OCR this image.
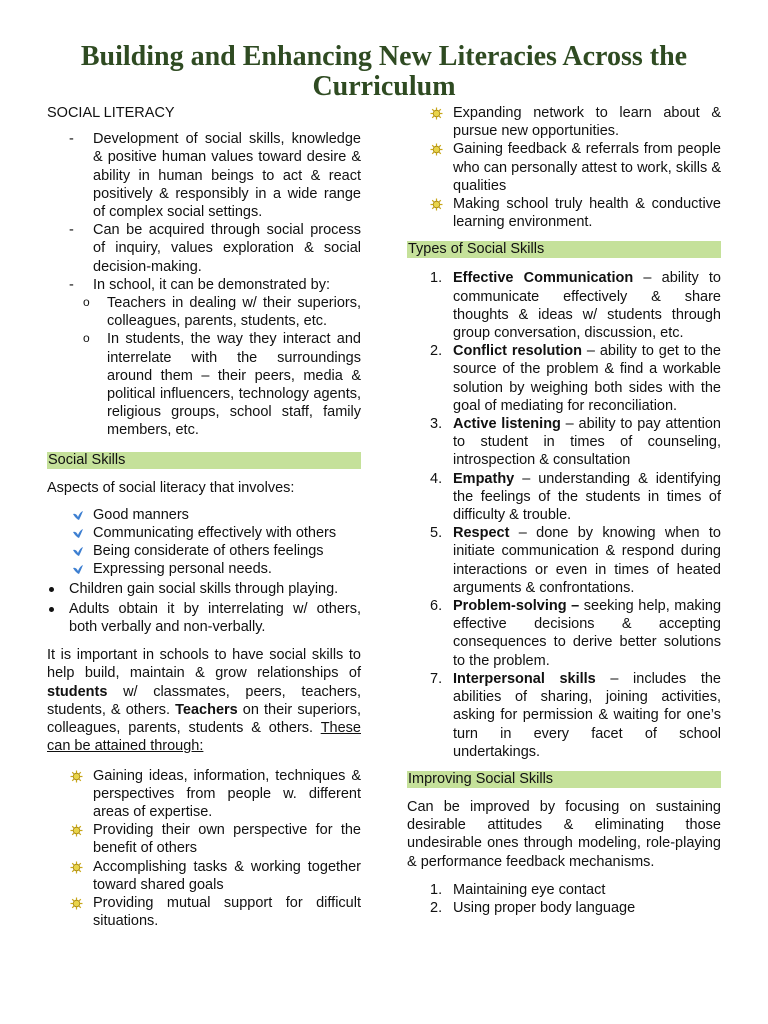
Building and Enhancing New Literacies Across the Curriculum

SOCIAL LITERACY

- Development of social skills, knowledge & positive human values toward desire & ability in human beings to act & react positively & responsibly in a wide range of complex social settings.
- Can be acquired through social process of inquiry, values exploration & social decision-making.
- In school, it can be demonstrated by:
o Teachers in dealing w/ their superiors, colleagues, parents, students, etc.
o In students, the way they interact and interrelate with the surroundings around them – their peers, media & political influencers, technology agents, religious groups, school staff, family members, etc.
Social Skills

Aspects of social literacy that involves:

Good manners
Communicating effectively with others
Being considerate of others feelings
Expressing personal needs.
Children gain social skills through playing.
Adults obtain it by interrelating w/ others, both verbally and non-verbally.

It is important in schools to have social skills to help build, maintain & grow relationships of students w/ classmates, peers, teachers, students, & others. Teachers on their superiors, colleagues, parents, students & others. These can be attained through:

Gaining ideas, information, techniques & perspectives from people w. different areas of expertise.
Providing their own perspective for the benefit of others
Accomplishing tasks & working together toward shared goals
Providing mutual support for difficult situations.
Expanding network to learn about & pursue new opportunities.
Gaining feedback & referrals from people who can personally attest to work, skills & qualities
Making school truly health & conductive learning environment.
Types of Social Skills
1. Effective Communication – ability to communicate effectively & share thoughts & ideas w/ students through group conversation, discussion, etc.
2. Conflict resolution – ability to get to the source of the problem & find a workable solution by weighing both sides with the goal of mediating for reconciliation.
3. Active listening – ability to pay attention to student in times of counseling, introspection & consultation
4. Empathy – understanding & identifying the feelings of the students in times of difficulty & trouble.
5. Respect – done by knowing when to initiate communication & respond during interactions or even in times of heated arguments & confrontations.
6. Problem-solving – seeking help, making effective decisions & accepting consequences to derive better solutions to the problem.
7. Interpersonal skills – includes the abilities of sharing, joining activities, asking for permission & waiting for one’s turn in every facet of school undertakings.
Improving Social Skills

Can be improved by focusing on sustaining desirable attitudes & eliminating those undesirable ones through modeling, role-playing & performance feedback mechanisms.

1. Maintaining eye contact
2. Using proper body language
